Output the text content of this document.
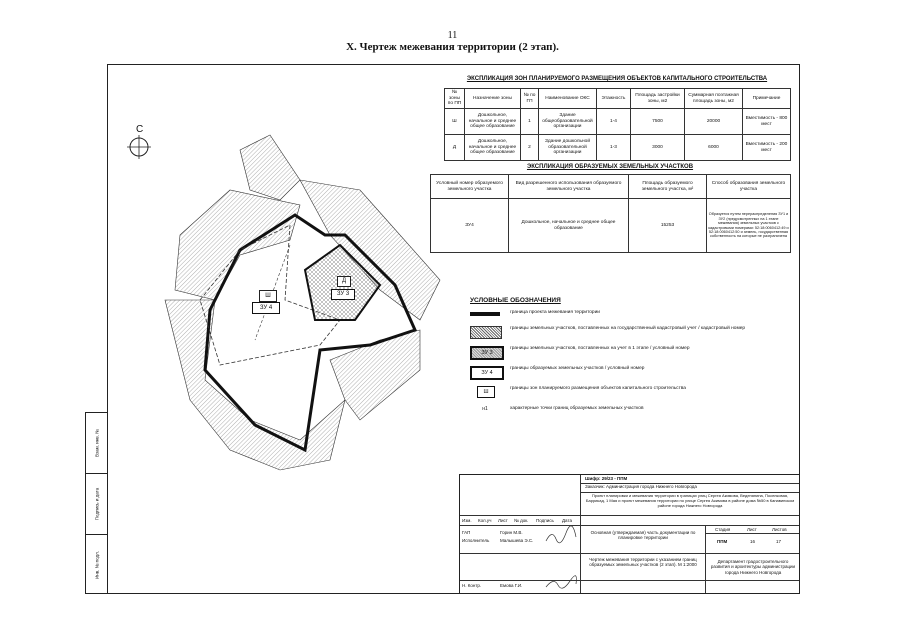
11
X. Чертеж межевания территории (2 этап).
Взам. инв. №
Подпись и дата
Инв. № подл.
С
Ш
ЗУ 4
Д
ЗУ 3
ЭКСПЛИКАЦИЯ ЗОН ПЛАНИРУЕМОГО РАЗМЕЩЕНИЯ ОБЪЕКТОВ КАПИТАЛЬНОГО СТРОИТЕЛЬСТВА
№ зоны по ПП	Назначение зоны	№ по ГП	Наименование ОКС	Этажность	Площадь застройки зоны, м2	Суммарная поэтажная площадь зоны, м2	Примечание
Ш	Дошкольное, начальное и среднее общее образование	1	Здание общеобразовательной организации	1-4	7500	20000	Вместимость - 800 мест
Д	Дошкольное, начальное и среднее общее образование	2	Здание дошкольной образовательной организации	1-3	3000	6000	Вместимость - 200 мест
ЭКСПЛИКАЦИЯ ОБРАЗУЕМЫХ ЗЕМЕЛЬНЫХ УЧАСТКОВ
Условный номер образуемого земельного участка	Вид разрешенного использования образуемого земельного участка	Площадь образуемого земельного участка, м²	Способ образования земельного участка
ЗУ4	Дошкольное, начальное и среднее общее образование	15253	Образуется путем перераспределения ЗУ1 и ЗУ2 (предусмотренных на 1 этапе межевания) земельных участков с кадастровыми номерами: 52:18:0060412:49 и 52:18:0060412:50 и земель, государственная собственность на которые не разграничена
УСЛОВНЫЕ ОБОЗНАЧЕНИЯ
граница проекта межевания территории
границы земельных участков, поставленных на государственный кадастровый учет / кадастровый номер
ЗУ 3
границы земельных участков, поставленных на учет в 1 этапе / условный номер
ЗУ 4
границы образуемых земельных участков / условный номер
Ш
границы зон планируемого размещения объектов капитального строительства
н1	характерные точки границ образуемых земельных участков
Шифр: 29/23 - ППМ
Заказчик: Администрация города Нижнего Новгорода
Проект планировки и межевания территории в границах улиц Сергея Акимова, Веденяпина, Поселковая, Баррикад, 1 Мая и проект межевания территории по улице Сергея Акимова в районе дома №50 в Канавинском районе города Нижнего Новгорода
Изм. Кол.уч Лист № док. Подпись Дата
ГАП	Горин М.В.
Исполнитель Малышева Э.С.
Н. Контр.	Емова Г.И.
Основная (утверждаемая) часть документации по планировке территории
Чертеж межевания территории с указанием границ образуемых земельных участков (2 этап). М 1:2000
Стадия	Лист	Листов
ППМ	16	17
Департамент градостроительного развития и архитектуры администрации города Нижнего Новгорода
